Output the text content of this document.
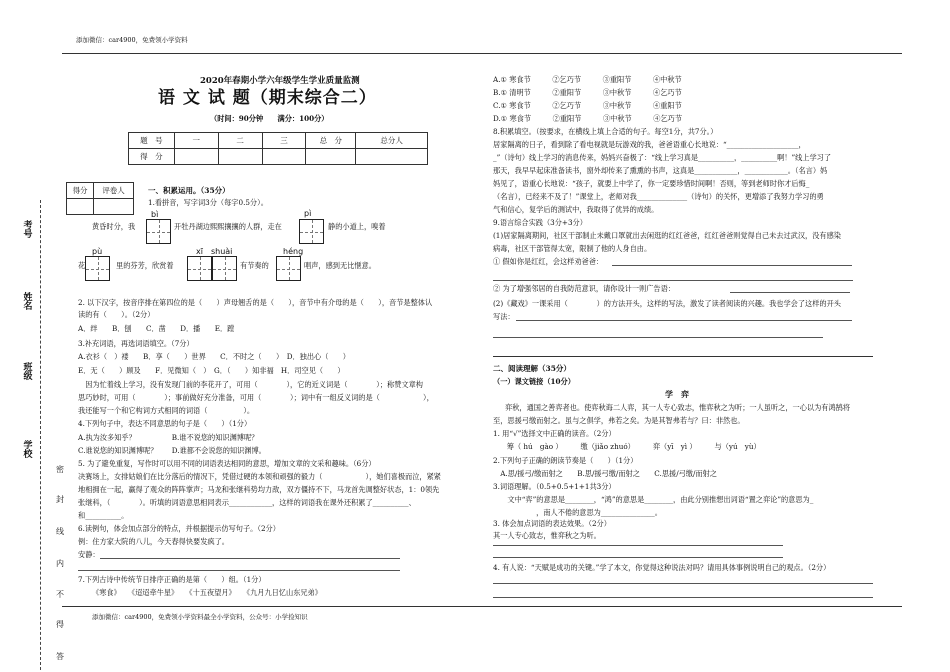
添加微信：car4900，免费领小学资料
添加微信：car4900，免费领小学资料最全小学资料，公众号：小学捡知识
考号
姓名
班级
学校
密
封
线
内
不
得
答
2020年春期小学六年级学生学业质量监测
语 文 试 题（期末综合二）
（时间：90分钟　　满分：100分）
题　号	一	二	三	总　分	总分人
得　分					
得分	评卷人
		一、积累运用。（35分）
1.看拼音，写字词3分（每字0.5分）。
bì	pì
黄昏时分，我	开牡丹湖边熙熙攘攘的人群，走在	静的小道上，嗅着
pù	xī　shuài	héng
花	里的芬芳，欣赏着	有节奏的	唱声，感到无比惬意。
2. 以下汉字，按音序排在第四位的是（　　）声母翘舌的是（　　），音节中有介母的是（　　），音节是整体认
读的有（　　）。（2分）
A．绊　　B．刨　　C．凿　　D．播　　E．蹚
3.补充词语，再选词语填空。（7分）
A.衣衫（　）褛　　B．享（　　）世界　　C．不时之（　　）　D．独出心（　　）
E．无（　　）顾及　　F．见微知（　）　G．（　　）知非福　H．司空见（　　）
　因为忙着线上学习，没有发现门前的李花开了，可用（　　　　），它的近义词是（　　　　）；称赞文章构
思巧妙时，可用（　　　　）；事前做好充分准备，可用（　　　　）；词中有一组反义词的是（　　　　　　），
我还能写一个和它构词方式相同的词语（　　　　　）。
4.下列句子中，表达不同意思的句子是（　　）（1分）
A.执为汝多知乎？　　　　　B.谁不说您的知识渊博呢？
C.谁说您的知识渊博呢？　　D.谁都不会说您的知识渊博。
5. 为了避免重复，写作时可以用不同的词语表达相同的意思，增加文章的文采和趣味。（6分）
决赛场上，女排姑娘们在比分落后的情况下，凭借过硬的本领和顽强的毅力（　　　　　　），她们喜极而泣，紧紧
地相拥在一起，赢得了观众的阵阵掌声；马龙和张继科势均力敌，双方僵持不下，马龙首先调整好状态，1：0领先
张继科，（　　　　）。听填的词语意思相同表示____________，这样的词语我在课外还积累了__________、
和__________。
6.读例句，体会加点部分的特点，并根据提示仿写句子。（2分）
例：住方家大院的八儿，今天春得快要发疯了。
安静：
7.下列古诗中传统节日排序正确的是第（　　）组。（1分）
《寒食》　　《迢迢牵牛星》　　《十五夜望月》　　《九月九日忆山东兄弟》
A.① 寒食节　　　②乞巧节　　　③重阳节　　　④中秋节
B.① 清明节　　　②重阳节　　　③中秋节　　　④乞巧节
C.① 寒食节　　　②乞巧节　　　③中秋节　　　④重阳节
D.① 寒食节　　　②重阳节　　　③中秋节　　　④乞巧节
8.积累填空。（按要求，在横线上填上合适的句子。每空1分，共7分。）
居家隔离的日子，看到除了看电视就是玩游戏的我，爸爸语重心长地说：“____________________，
_”（诗句）线上学习的消息传来，妈妈兴奋极了：“线上学习真是__________，__________啊！”线上学习了
那天，我早早起床准备读书，窗外却传来了熏熏的书声，这真是____________，____________。（名言）妈
妈见了，语重心长地说：“孩子，就要上中学了，你一定要珍惜时间啊！否则，等到老师时你才后悔_
（名言），已经来不及了！”课堂上，老师对我______________（诗句）的关怀，更增添了我努力学习的勇
气和信心，复学后的测试中，我取得了优异的成绩。
9.语言综合实践（3分+3分）
(1)居家隔离期间，社区干部制止未戴口罩就出去闲逛的红红爸爸，红红爸爸则觉得自己未去过武汉，没有感染
病毒，社区干部管得太宽，限制了他的人身自由。
① 假如你是红红，会这样劝爸爸：
② 为了增强邻居的自我防范意识，请你设计一则广告语：
(2)《藏戏》一课采用（　　　　）的方法开头，这样的写法，激发了读者阅读的兴趣。我也学会了这样的开头
写法：
二、阅读理解（35分）
（一）课文链接（10分）
学　弈
弈秋，通国之善弈者也。使弈秋诲二人弈，其一人专心致志，惟弈秋之为听；一人虽听之，一心以为有鸿鹄将
至，思援弓缴而射之。虽与之俱学，弗若之矣。为是其智弗若与？曰：非然也。
1. 用“√”选择文中正确的读音。（2分）
　　　　筹（ hú　gào ）　　　缴（jiǎo zhuó）　　　弈（yī　yì ）　　　与（yú　yù）
2.下列句子正确的朗读节奏是（　　）（1分）
　A.思/援弓/缴而射之　　B.思/援弓缴/而射之　　C.思援/弓缴/而射之
3.词语理解。（0.5+0.5+1+1共3分）
　　文中“弈”的意思是________，“鸿”的意思是________，由此分别推想出词语“置之弈论”的意思为_
　　　　　　，南人不倦的意思为_______________。
3. 体会加点词语的表达效果。（2分）
其一人专心致志，惟弈秋之为听。
4. 有人说：“天赋是成功的关键。”学了本文，你觉得这种说法对吗？请用具体事例说明自己的观点。（2分）
